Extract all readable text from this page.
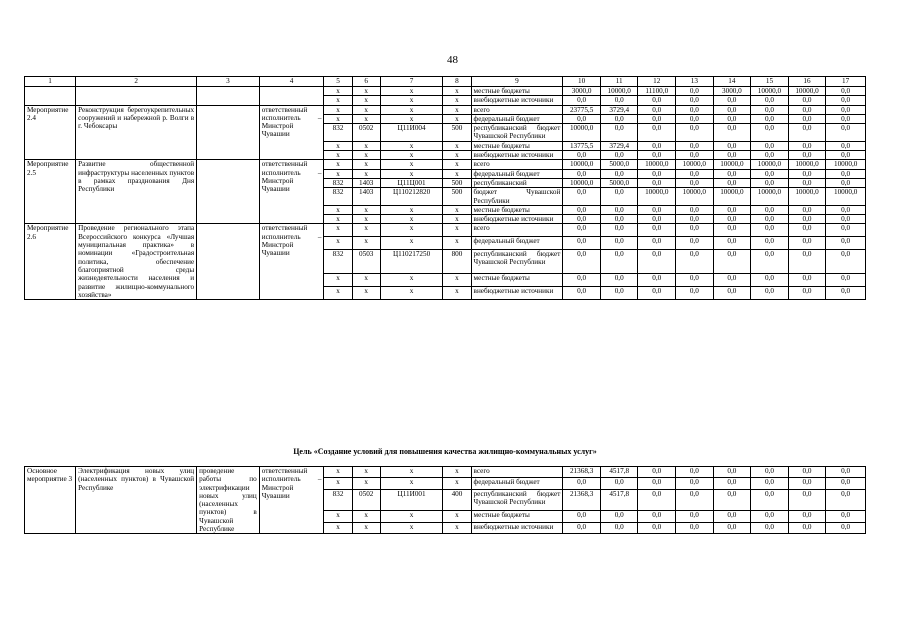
48
1	2	3	4	5	6	7	8	9	10	11	12	13	14	15	16	17
				x	x	x	x	местные бюджеты	3000,0	10000,0	11100,0	0,0	3000,0	10000,0	10000,0	0,0
				x	x	x	x	внебюджетные источники	0,0	0,0	0,0	0,0	0,0	0,0	0,0	0,0
Мероприятие 2.4	Реконструкция берегоукрепительных сооружений и набережной р. Волги в г. Чебоксары		ответственный исполнитель – Минстрой Чувашии	x	x	x	x	всего	23775,5	3729,4	0,0	0,0	0,0	0,0	0,0	0,0
				x	x	x	x	федеральный бюджет	0,0	0,0	0,0	0,0	0,0	0,0	0,0	0,0
				832	0502	Ц11И004	500	республиканский бюджет Чувашской Республики	10000,0	0,0	0,0	0,0	0,0	0,0	0,0	0,0
				x	x	x	x	местные бюджеты	13775,5	3729,4	0,0	0,0	0,0	0,0	0,0	0,0
				x	x	x	x	внебюджетные источники	0,0	0,0	0,0	0,0	0,0	0,0	0,0	0,0
Мероприятие 2.5	Развитие общественной инфраструктуры населенных пунктов в рамках празднования Дня Республики		ответственный исполнитель – Минстрой Чувашии	x	x	x	x	всего	10000,0	5000,0	10000,0	10000,0	10000,0	10000,0	10000,0	10000,0
				x	x	x	x	федеральный бюджет	0,0	0,0	0,0	0,0	0,0	0,0	0,0	0,0
				832	1403	Ц11Ц001	500	республиканский	10000,0	5000,0	0,0	0,0	0,0	0,0	0,0	0,0
				832	1403	Ц110212820	500	бюджет Чувашской Республики	0,0	0,0	10000,0	10000,0	10000,0	10000,0	10000,0	10000,0
				x	x	x	x	местные бюджеты	0,0	0,0	0,0	0,0	0,0	0,0	0,0	0,0
				x	x	x	x	внебюджетные источники	0,0	0,0	0,0	0,0	0,0	0,0	0,0	0,0
Мероприятие 2.6	Проведение регионального этапа Всероссийского конкурса «Лучшая муниципальная практика» в номинации «Градостроительная политика, обеспечение благоприятной среды жизнедеятельности населения и развитие жилищно-коммунального хозяйства»		ответственный исполнитель – Минстрой Чувашии	x	x	x	x	всего	0,0	0,0	0,0	0,0	0,0	0,0	0,0	0,0
				x	x	x	x	федеральный бюджет	0,0	0,0	0,0	0,0	0,0	0,0	0,0	0,0
				832	0503	Ц110217250	800	республиканский бюджет Чувашской Республики	0,0	0,0	0,0	0,0	0,0	0,0	0,0	0,0
				x	x	x	x	местные бюджеты	0,0	0,0	0,0	0,0	0,0	0,0	0,0	0,0
				x	x	x	x	внебюджетные источники	0,0	0,0	0,0	0,0	0,0	0,0	0,0	0,0
Цель «Создание условий для повышения качества жилищно-коммунальных услуг»
Основное мероприятие 3	Электрификация новых улиц (населенных пунктов) в Чувашской Республике	проведение работы по электрификации новых улиц (населенных пунктов) в Чувашской Республике	ответственный исполнитель – Минстрой Чувашии	x	x	x	x	всего	21368,3	4517,8	0,0	0,0	0,0	0,0	0,0	0,0
				x	x	x	x	федеральный бюджет	0,0	0,0	0,0	0,0	0,0	0,0	0,0	0,0
				832	0502	Ц11И001	400	республиканский бюджет Чувашской Республики	21368,3	4517,8	0,0	0,0	0,0	0,0	0,0	0,0
				x	x	x	x	местные бюджеты	0,0	0,0	0,0	0,0	0,0	0,0	0,0	0,0
				x	x	x	x	внебюджетные источники	0,0	0,0	0,0	0,0	0,0	0,0	0,0	0,0
